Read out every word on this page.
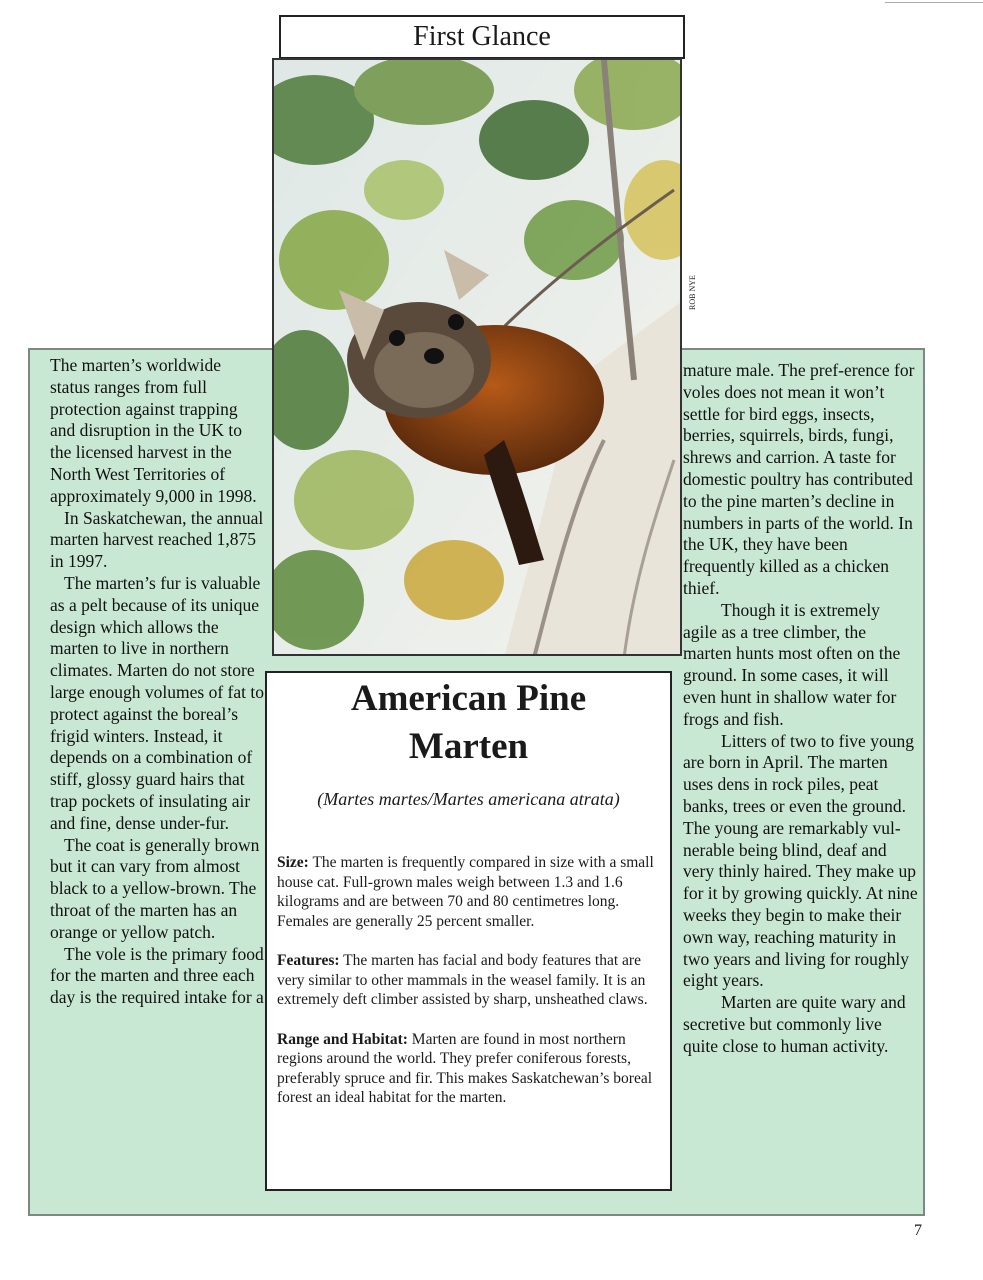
First Glance
ROB NYE

The marten’s worldwide status ranges from full protection against trapping and disruption in the UK to the licensed harvest in the North West Territories of approximately 9,000 in 1998.

In Saskatchewan, the annual marten harvest reached 1,875 in 1997.

The marten’s fur is valuable as a pelt because of its unique design which allows the marten to live in northern climates. Marten do not store large enough volumes of fat to protect against the boreal’s frigid winters. Instead, it depends on a combination of stiff, glossy guard hairs that trap pockets of insulating air and fine, dense under-fur.

The coat is generally brown but it can vary from almost black to a yellow-brown. The throat of the marten has an orange or yellow patch.

The vole is the primary food for the marten and three each day is the required intake for a

mature male. The pref-erence for voles does not mean it won’t settle for bird eggs, insects, berries, squirrels, birds, fungi, shrews and carrion. A taste for domestic poultry has contributed to the pine marten’s decline in numbers in parts of the world. In the UK, they have been frequently killed as a chicken thief.

Though it is extremely agile as a tree climber, the marten hunts most often on the ground. In some cases, it will even hunt in shallow water for frogs and fish.

Litters of two to five young are born in April. The marten uses dens in rock piles, peat banks, trees or even the ground. The young are remarkably vul-nerable being blind, deaf and very thinly haired. They make up for it by growing quickly. At nine weeks they begin to make their own way, reaching maturity in two years and living for roughly eight years.

Marten are quite wary and secretive but commonly live quite close to human activity.

American Pine Marten
(Martes martes/Martes americana atrata)
Size: The marten is frequently compared in size with a small house cat. Full-grown males weigh between 1.3 and 1.6 kilograms and are between 70 and 80 centimetres long. Females are generally 25 percent smaller.
Features: The marten has facial and body features that are very similar to other mammals in the weasel family. It is an extremely deft climber assisted by sharp, unsheathed claws.
Range and Habitat: Marten are found in most northern regions around the world. They prefer coniferous forests, preferably spruce and fir. This makes Saskatchewan’s boreal forest an ideal habitat for the marten.
7
